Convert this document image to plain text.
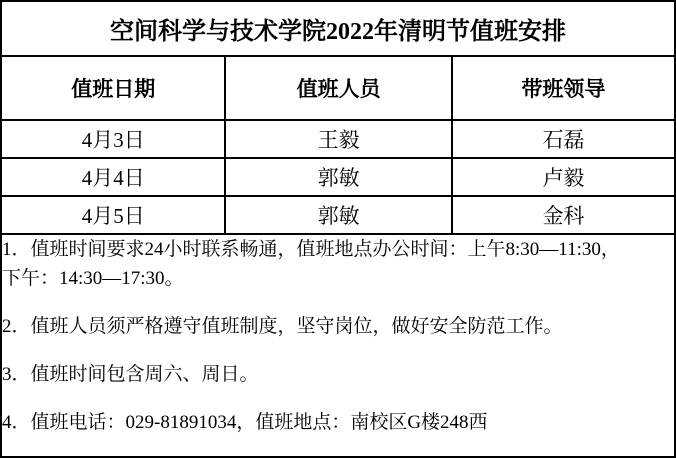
空间科学与技术学院2022年清明节值班安排		
值班日期	值班人员	带班领导
4月3日	王毅	石磊
4月4日	郭敏	卢毅
4月5日	郭敏	金科

1．值班时间要求24小时联系畅通，值班地点办公时间：上午8:30—11:30，
下午：14:30—17:30。
2．值班人员须严格遵守值班制度，坚守岗位，做好安全防范工作。
3．值班时间包含周六、周日。
4．值班电话：029-81891034，值班地点：南校区G楼248西		
